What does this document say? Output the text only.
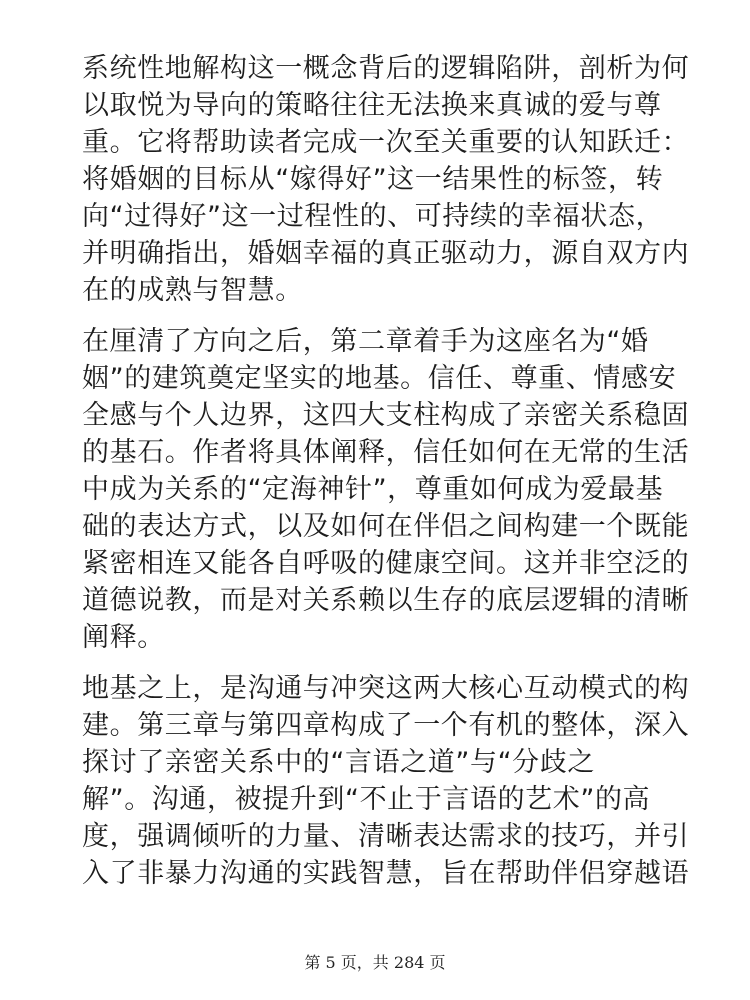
系统性地解构这一概念背后的逻辑陷阱，剖析为何
以取悦为导向的策略往往无法换来真诚的爱与尊
重。它将帮助读者完成一次至关重要的认知跃迁：
将婚姻的目标从“嫁得好”这一结果性的标签，转
向“过得好”这一过程性的、可持续的幸福状态，
并明确指出，婚姻幸福的真正驱动力，源自双方内
在的成熟与智慧。
在厘清了方向之后，第二章着手为这座名为“婚
姻”的建筑奠定坚实的地基。信任、尊重、情感安
全感与个人边界，这四大支柱构成了亲密关系稳固
的基石。作者将具体阐释，信任如何在无常的生活
中成为关系的“定海神针”，尊重如何成为爱最基
础的表达方式，以及如何在伴侣之间构建一个既能
紧密相连又能各自呼吸的健康空间。这并非空泛的
道德说教，而是对关系赖以生存的底层逻辑的清晰
阐释。
地基之上，是沟通与冲突这两大核心互动模式的构
建。第三章与第四章构成了一个有机的整体，深入
探讨了亲密关系中的“言语之道”与“分歧之
解”。沟通，被提升到“不止于言语的艺术”的高
度，强调倾听的力量、清晰表达需求的技巧，并引
入了非暴力沟通的实践智慧，旨在帮助伴侣穿越语
第 5 页，共 284 页
